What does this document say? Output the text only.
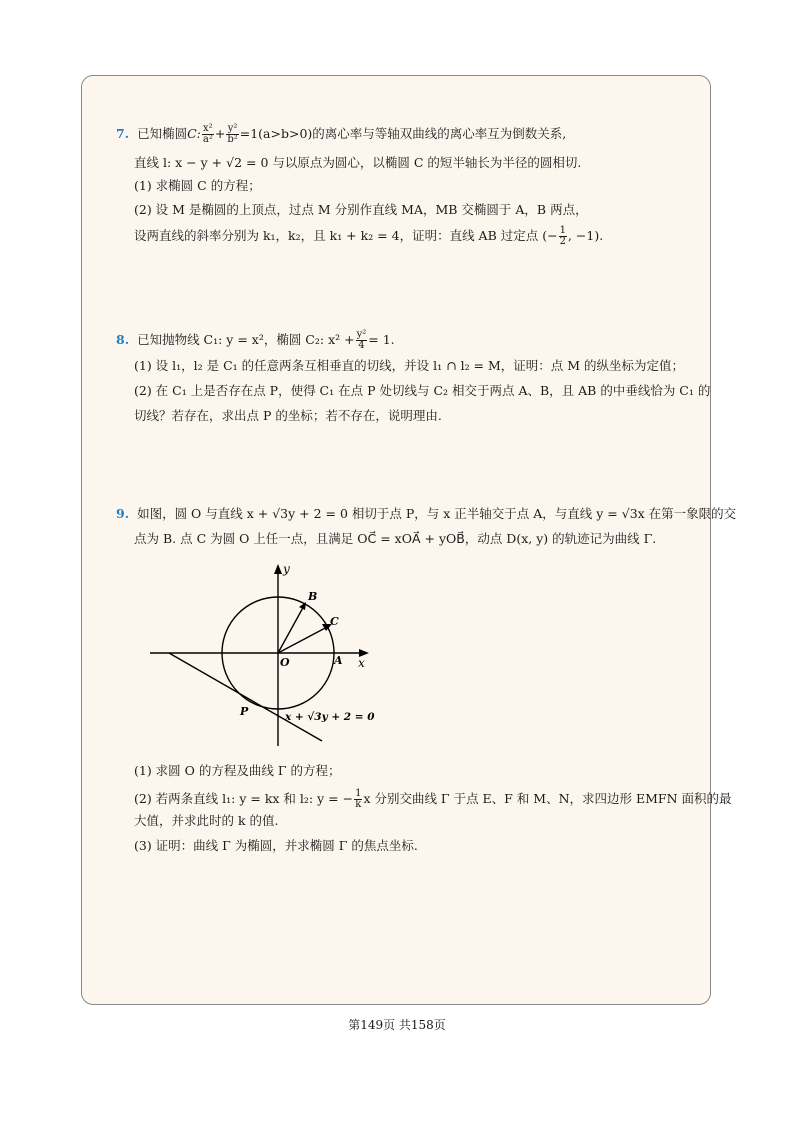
7. 已知椭圆C: $\frac{\text{x²}}{\text{a²}} + \frac{\text{y²}}{\text{b²}} =1(a>b>0)$的离心率与等轴双曲线的离心率互为倒数关系,
直线 l: x − y + √2 = 0 与以原点为圆心，以椭圆 C 的短半轴长为半径的圆相切.
(1) 求椭圆 C 的方程；
(2) 设 M 是椭圆的上顶点，过点 M 分别作直线 MA，MB 交椭圆于 A，B 两点，
设两直线的斜率分别为 k₁，k₂，且 k₁ + k₂ = 4，证明：直线 AB 过定点 (− $\frac{1}{2}$ , −1).
8. 已知抛物线 C₁: y = x²，椭圆 C₂: $x^2 + \frac{\text{y²}}{4} = 1$.
(1) 设 l₁，l₂ 是 C₁ 的任意两条互相垂直的切线，并设 l₁ ∩ l₂ = M，证明：点 M 的纵坐标为定值；
(2) 在 C₁ 上是否存在点 P，使得 C₁ 在点 P 处切线与 C₂ 相交于两点 A、B，且 AB 的中垂线恰为 C₁ 的
切线？若存在，求出点 P 的坐标；若不存在，说明理由.
9. 如图，圆 O 与直线 x + √3y + 2 = 0 相切于点 P，与 x 正半轴交于点 A，与直线 y = √3x 在第一象限的交
点为 B. 点 C 为圆 O 上任一点，且满足 OC⃗ = xOA⃗ + yOB⃗，动点 D(x, y) 的轨迹记为曲线 Γ.
y
x
O	A
B
C
P	x + √3y + 2 = 0
(1) 求圆 O 的方程及曲线 Γ 的方程；
(2) 若两条直线 l₁: y = kx 和 l₂: y = − $\frac{1}{k}$ x 分别交曲线 Γ 于点 E、F 和 M、N，求四边形 EMFN 面积的最
大值，并求此时的 k 的值.
(3) 证明：曲线 Γ 为椭圆，并求椭圆 Γ 的焦点坐标.
第149页 共158页
